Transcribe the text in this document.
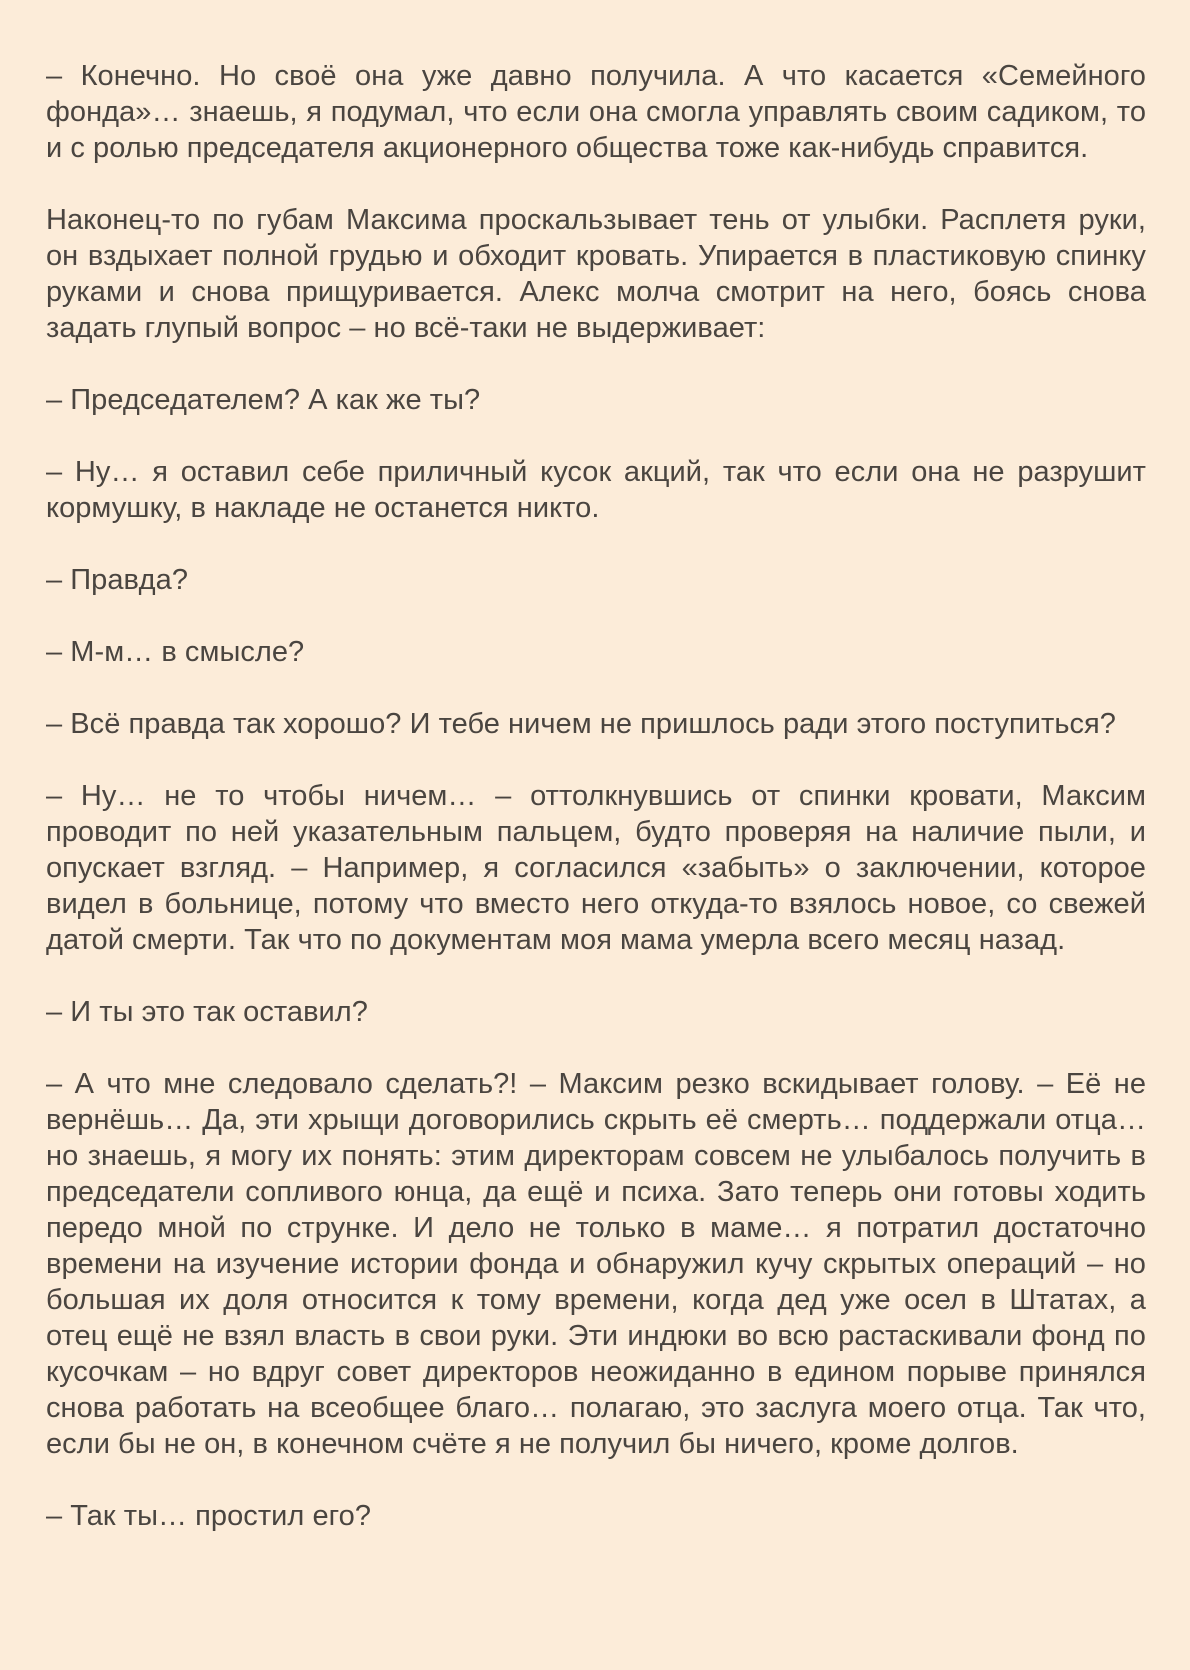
– Конечно. Но своё она уже давно получила. А что касается «Семейного фонда»… знаешь, я подумал, что если она смогла управлять своим садиком, то и с ролью председателя акционерного общества тоже как-нибудь справится.

Наконец-то по губам Максима проскальзывает тень от улыбки. Расплетя руки, он вздыхает полной грудью и обходит кровать. Упирается в пластиковую спинку руками и снова прищуривается. Алекс молча смотрит на него, боясь снова задать глупый вопрос – но всё-таки не выдерживает:

– Председателем? А как же ты?

– Ну… я оставил себе приличный кусок акций, так что если она не разрушит кормушку, в накладе не останется никто.

– Правда?

– М-м… в смысле?

– Всё правда так хорошо? И тебе ничем не пришлось ради этого поступиться?

– Ну… не то чтобы ничем… – оттолкнувшись от спинки кровати, Максим проводит по ней указательным пальцем, будто проверяя на наличие пыли, и опускает взгляд. – Например, я согласился «забыть» о заключении, которое видел в больнице, потому что вместо него откуда-то взялось новое, со свежей датой смерти. Так что по документам моя мама умерла всего месяц назад.

– И ты это так оставил?

– А что мне следовало сделать?! – Максим резко вскидывает голову. – Её не вернёшь… Да, эти хрыщи договорились скрыть её смерть… поддержали отца… но знаешь, я могу их понять: этим директорам совсем не улыбалось получить в председатели сопливого юнца, да ещё и психа. Зато теперь они готовы ходить передо мной по струнке. И дело не только в маме… я потратил достаточно времени на изучение истории фонда и обнаружил кучу скрытых операций – но большая их доля относится к тому времени, когда дед уже осел в Штатах, а отец ещё не взял власть в свои руки. Эти индюки во всю растаскивали фонд по кусочкам – но вдруг совет директоров неожиданно в едином порыве принялся снова работать на всеобщее благо… полагаю, это заслуга моего отца. Так что, если бы не он, в конечном счёте я не получил бы ничего, кроме долгов.

– Так ты… простил его?
